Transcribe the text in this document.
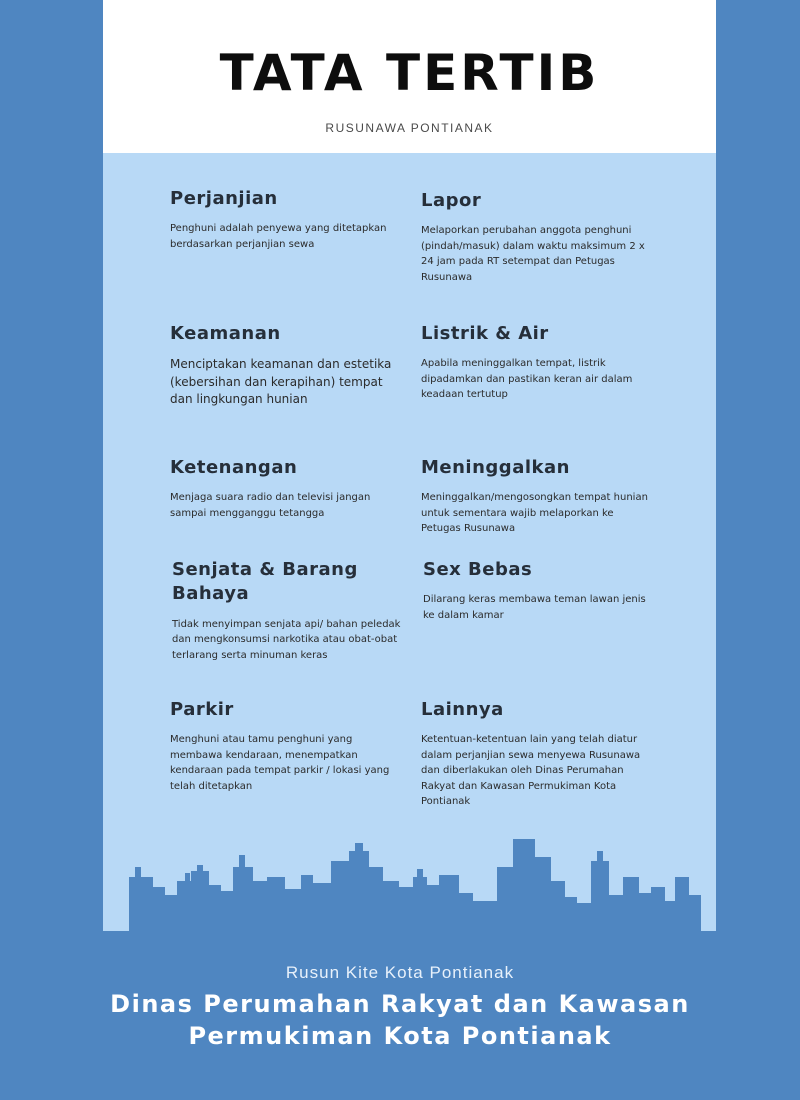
TATA TERTIB
RUSUNAWA PONTIANAK
Perjanjian
Penghuni adalah penyewa yang ditetapkan berdasarkan perjanjian sewa
Lapor
Melaporkan perubahan anggota penghuni (pindah/masuk) dalam waktu maksimum 2 x 24 jam pada RT setempat dan Petugas Rusunawa
Keamanan
Menciptakan keamanan dan estetika (kebersihan dan kerapihan) tempat dan lingkungan hunian
Listrik & Air
Apabila meninggalkan tempat, listrik dipadamkan dan pastikan keran air dalam keadaan tertutup
Ketenangan
Menjaga suara radio dan televisi jangan sampai mengganggu tetangga
Meninggalkan
Meninggalkan/mengosongkan tempat hunian untuk sementara wajib melaporkan ke Petugas Rusunawa
Senjata & Barang Bahaya
Tidak menyimpan senjata api/ bahan peledak dan mengkonsumsi narkotika atau obat-obat terlarang serta minuman keras
Sex Bebas
Dilarang keras membawa teman lawan jenis ke dalam kamar
Parkir
Menghuni atau tamu penghuni yang membawa kendaraan, menempatkan kendaraan pada tempat parkir / lokasi yang telah ditetapkan
Lainnya
Ketentuan-ketentuan lain yang telah diatur dalam perjanjian sewa menyewa Rusunawa dan diberlakukan oleh Dinas Perumahan Rakyat dan Kawasan Permukiman Kota Pontianak
Rusun Kite Kota Pontianak
Dinas Perumahan Rakyat dan Kawasan
Permukiman Kota Pontianak
